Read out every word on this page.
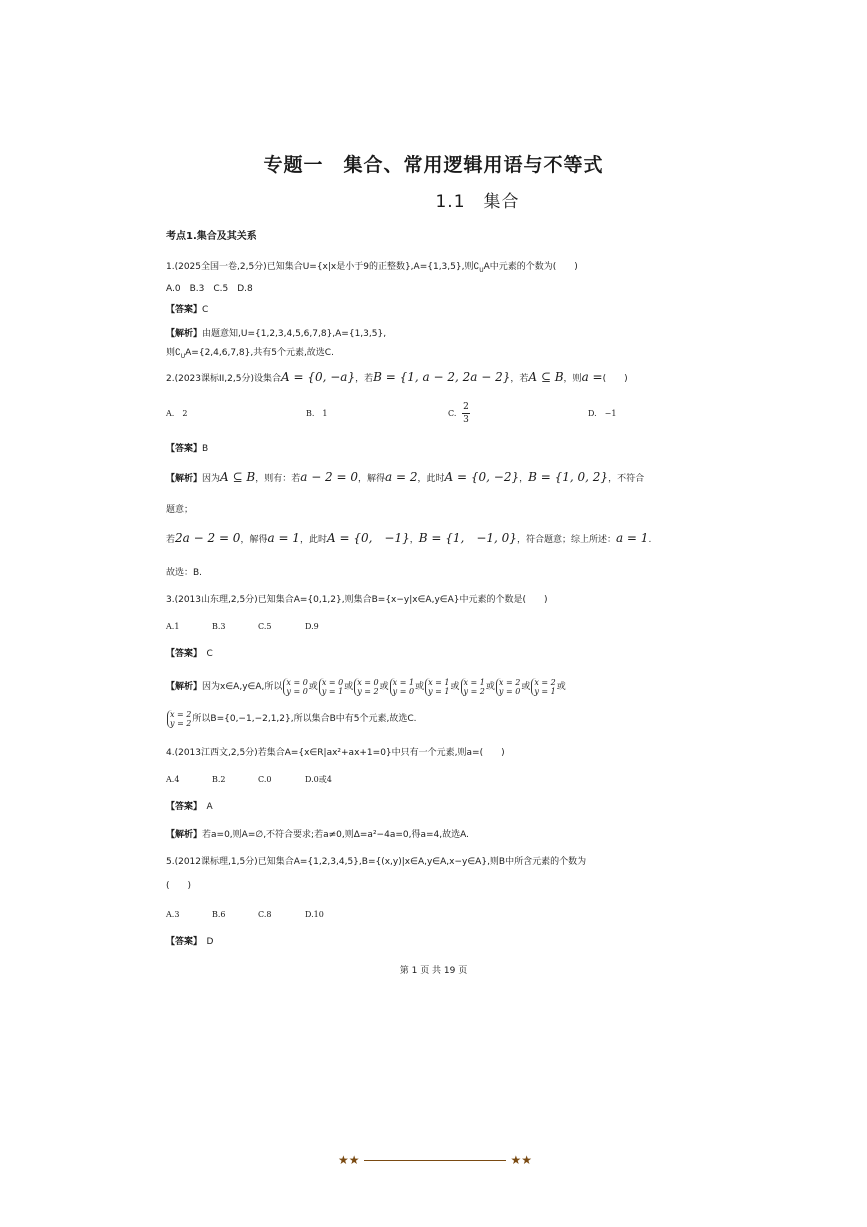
专题一　集合、常用逻辑用语与不等式
1.1　集合
考点1.集合及其关系
1.(2025全国一卷,2,5分)已知集合U={x|x是小于9的正整数},A={1,3,5},则$∁_UA$中元素的个数为(　　)
A.0　B.3　C.5　D.8
【答案】C
【解析】由题意知,U={1,2,3,4,5,6,7,8},A={1,3,5},
则$∁_UA=\{2,4,6,7,8\}$,共有5个元素,故选C.
2.(2023课标II,2,5分)设集合A = {0, −a}，若B = {1, a − 2, 2a − 2}，若A ⊆ B，则a =(　　)
A.　2	B.　1	C.
2
3
D.　−1
【答案】B
【解析】因为A ⊆ B，则有：若a − 2 = 0，解得a = 2，此时A = {0, −2}，B = {1, 0, 2}，不符合
题意；
若2a − 2 = 0，解得a = 1，此时A = {0,　−1}，B = {1,　−1, 0}，符合题意；综上所述：a = 1.
故选：B.
3.(2013山东理,2,5分)已知集合A={0,1,2},则集合B={x−y|x∈A,y∈A}中元素的个数是(　　)
A.1	B.3	C.5	D.9
【答案】　 C
【解析】因为x∈A,y∈A,所以 x = 0
y = 0或 x = 0
y = 1或 x = 0
y = 2或 x = 1
y = 0或 x = 1
y = 1或 x = 1
y = 2或 x = 2
y = 0或 x = 2
y = 1或
x = 2
y = 2所以B={0,−1,−2,1,2},所以集合B中有5个元素,故选C.
4.(2013江西文,2,5分)若集合A={x∈R|ax²+ax+1=0}中只有一个元素,则a=(　　)
A.4	B.2	C.0	D.0或4
【答案】　 A
【解析】若a=0,则A=∅,不符合要求;若a≠0,则Δ=a²−4a=0,得a=4,故选A.
5.(2012课标理,1,5分)已知集合A={1,2,3,4,5},B={(x,y)|x∈A,y∈A,x−y∈A},则B中所含元素的个数为
(　　)
A.3	B.6	C.8	D.10
【答案】　 D
第 1 页 共 19 页
★★	★★
